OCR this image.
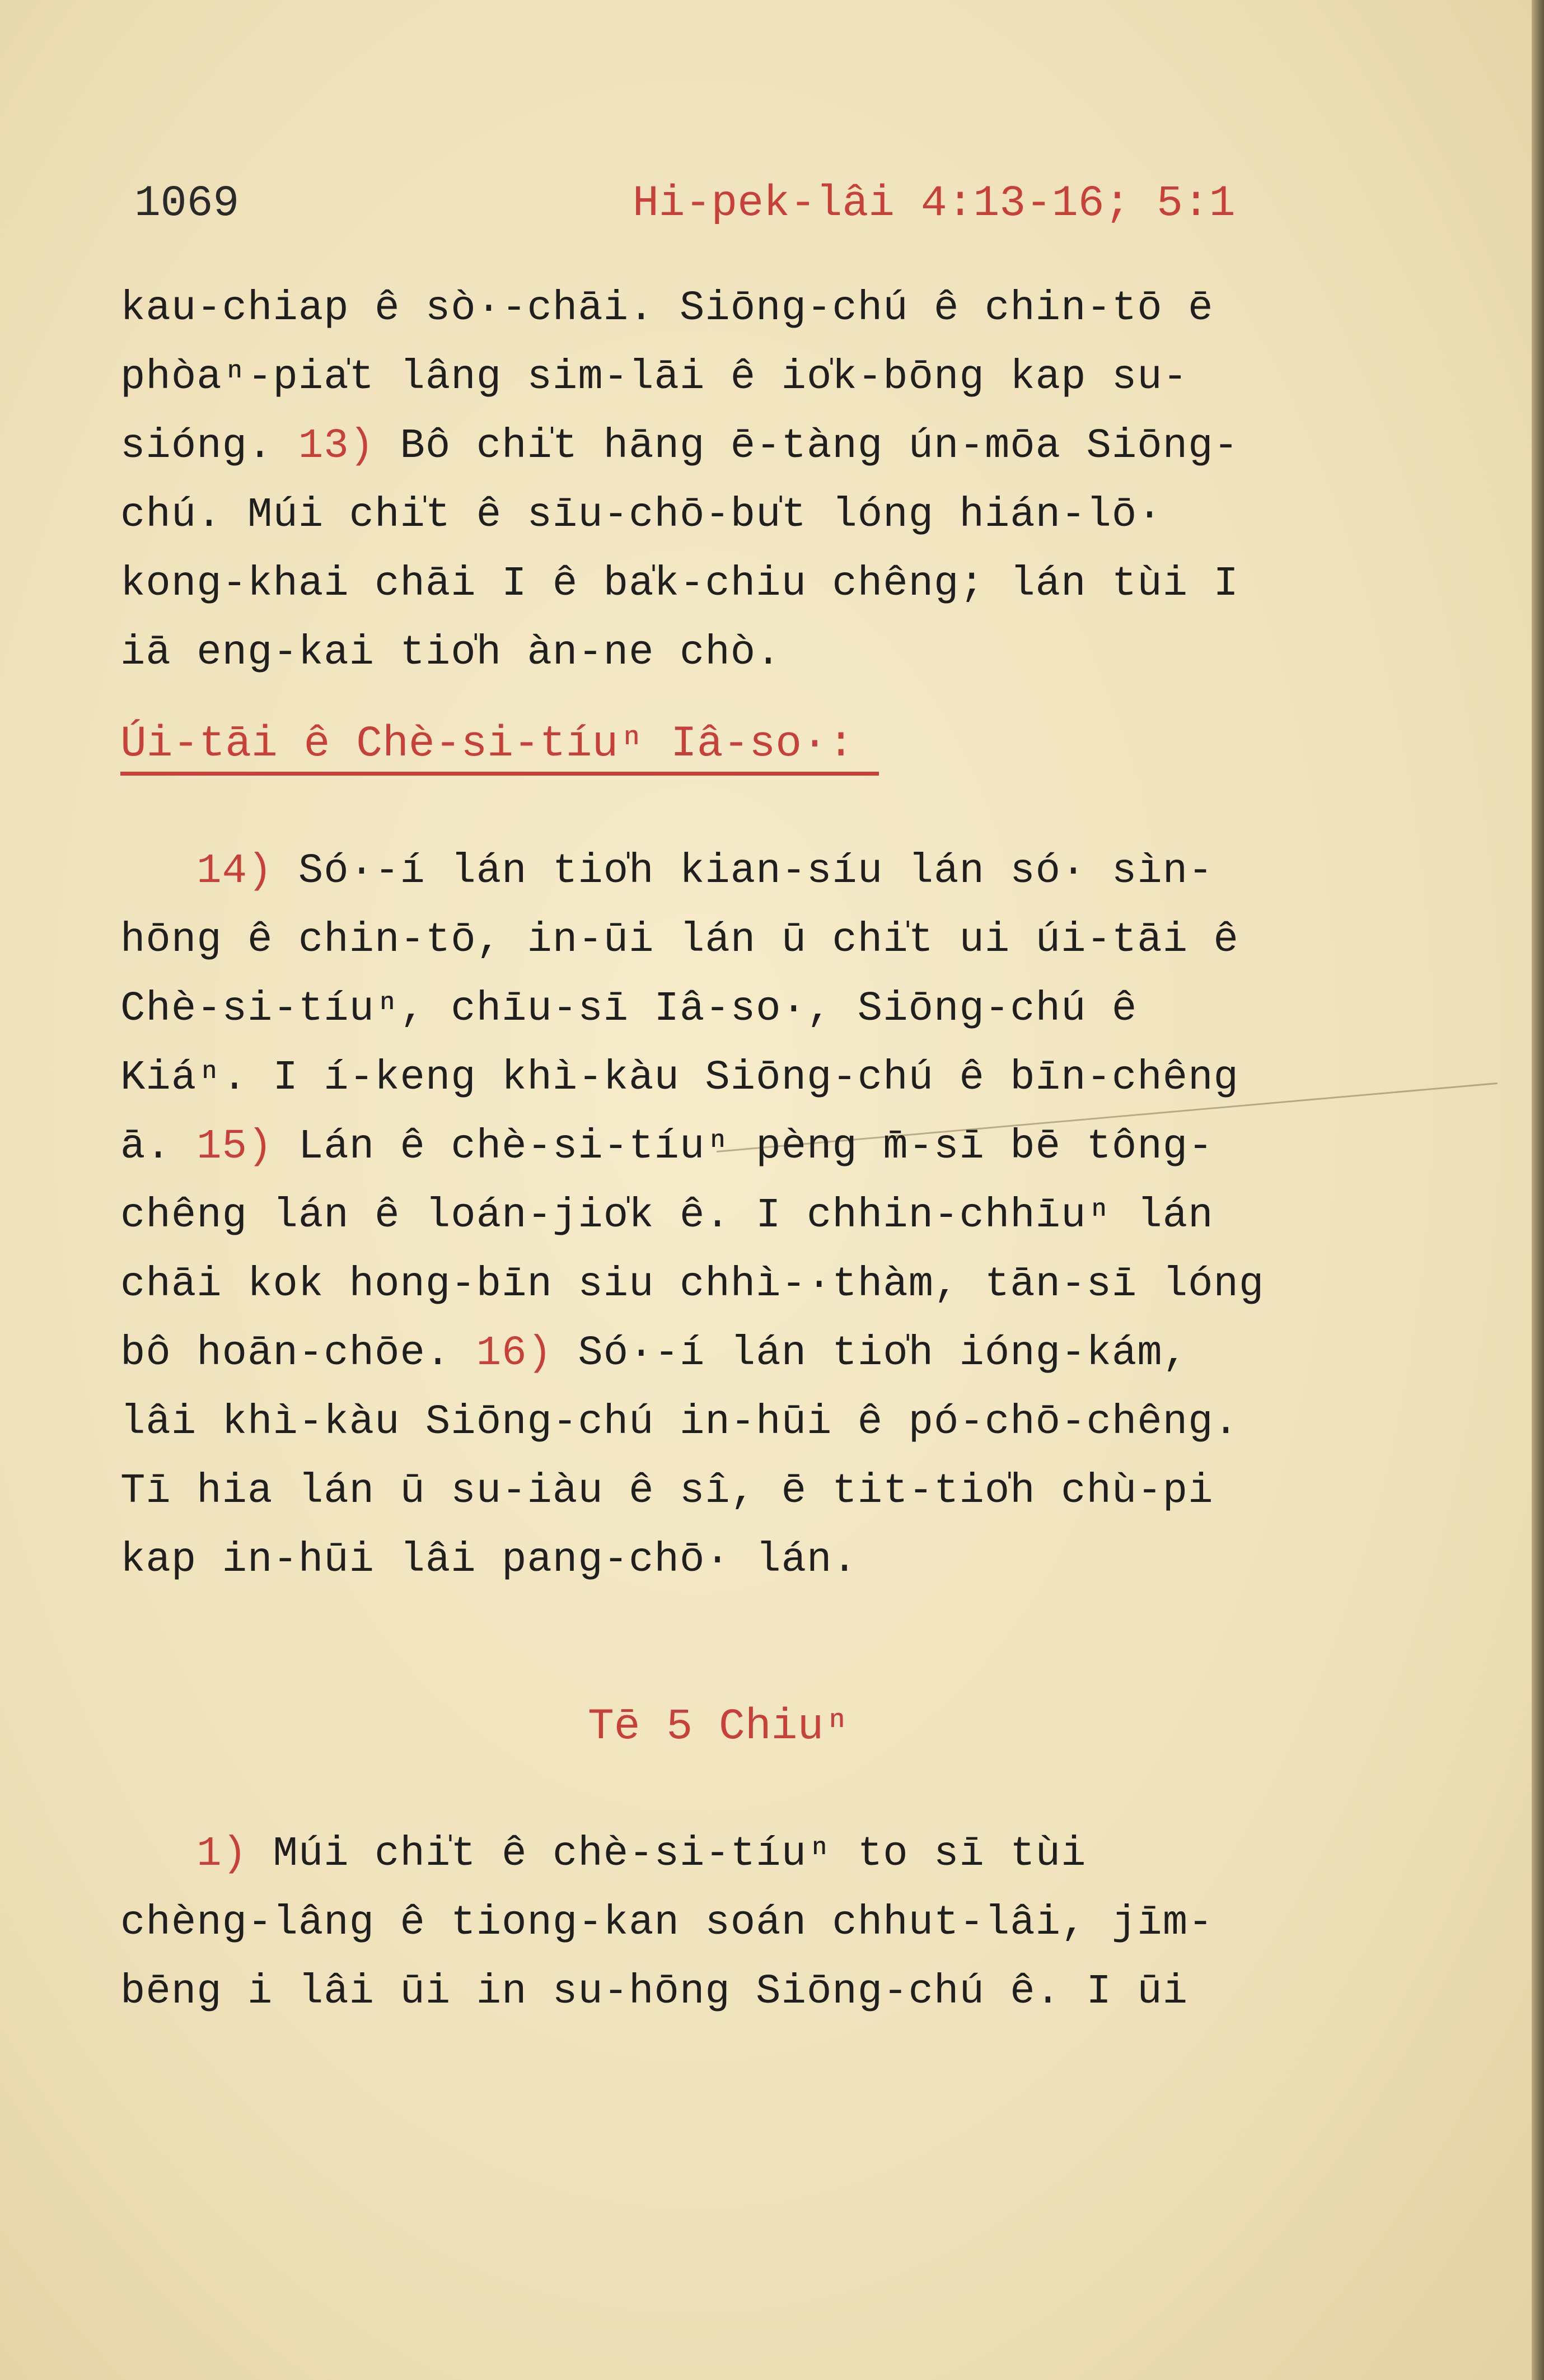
1069	Hi-pek-lâi 4:13-16; 5:1
kau-chiap ê sò·-chāi. Siōng-chú ê chin-tō ē
phòaⁿ-pia̍t lâng sim-lāi ê io̍k-bōng kap su-
sióng. 13) Bô chi̍t hāng ē-tàng ún-mōa Siōng-
chú. Múi chi̍t ê sīu-chō-bu̍t lóng hián-lō·
kong-khai chāi I ê ba̍k-chiu chêng; lán tùi I
iā eng-kai tio̍h àn-ne chò.
Úi-tāi ê Chè-si-tíuⁿ Iâ-so·:
14) Só·-í lán tio̍h kian-síu lán só· sìn-
hōng ê chin-tō, in-ūi lán ū chi̍t ui úi-tāi ê
Chè-si-tíuⁿ, chīu-sī Iâ-so·, Siōng-chú ê
Kiáⁿ. I í-keng khì-kàu Siōng-chú ê bīn-chêng
ā. 15) Lán ê chè-si-tíuⁿ pèng m̄-sī bē tông-
chêng lán ê loán-jio̍k ê. I chhin-chhīuⁿ lán
chāi kok hong-bīn siu chhì-·thàm, tān-sī lóng
bô hoān-chōe. 16) Só·-í lán tio̍h ióng-kám,
lâi khì-kàu Siōng-chú in-hūi ê pó-chō-chêng.
Tī hia lán ū su-iàu ê sî, ē tit-tio̍h chù-pi
kap in-hūi lâi pang-chō· lán.
Tē 5 Chiuⁿ
1) Múi chi̍t ê chè-si-tíuⁿ to sī tùi
chèng-lâng ê tiong-kan soán chhut-lâi, jīm-
bēng i lâi ūi in su-hōng Siōng-chú ê. I ūi
